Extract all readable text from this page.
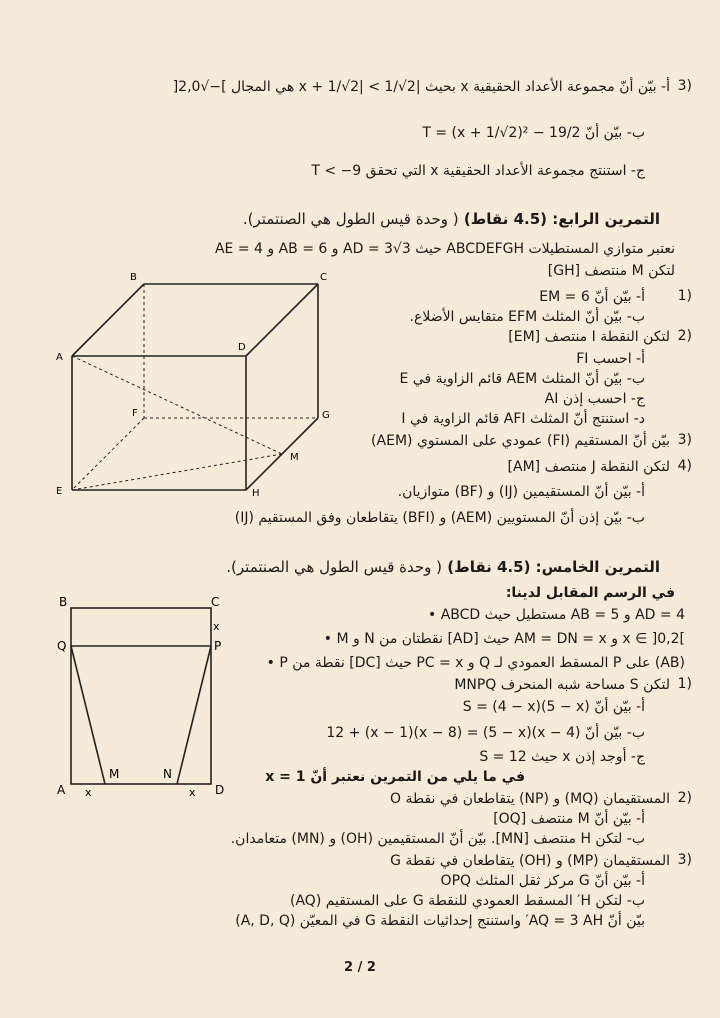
3)
أ- بيّن أنّ مجموعة الأعداد الحقيقية x بحيث |x + 1/√2| < 1/√2 هي المجال ]−√2,0[
ب- بيّن أنّ T = (x + 1/√2)² − 19/2
ج- استنتج مجموعة الأعداد الحقيقية x التي تحقق T < −9
التمرين الرابع: (4.5 نقاط) ( وحدة قيس الطول هي الصنتمتر).
نعتبر متوازي المستطيلات ABCDEFGH حيث AD = 3√3 و AB = 6 و AE = 4
لتكن M منتصف [GH]
1)
أ- بيّن أنّ EM = 6
ب- بيّن أنّ المثلث EFM متقايس الأضلاع.
2)
لتكن النقطة I منتصف [EM]
أ- احسب FI
ب- بيّن أنّ المثلث AEM قائم الزاوية في E
ج- احسب إذن AI
د- استنتج أنّ المثلث AFI قائم الزاوية في I
3)
بيّن أنّ المستقيم (FI) عمودي على المستوي (AEM)
4)
لتكن النقطة J منتصف [AM]
أ- بيّن أنّ المستقيمين (IJ) و (BF) متوازيان.
ب- بيّن إذن أنّ المستويين (AEM) و (BFI) يتقاطعان وفق المستقيم (IJ)
A
B	C
D
E
F	G
H
M
التمرين الخامس: (4.5 نقاط) ( وحدة قيس الطول هي الصنتمتر).
في الرسم المقابل لدينا:
• ABCD مستطيل حيث AB = 5 و AD = 4
• M و N نقطتان من [AD] حيث AM = DN = x و x ∈ ]0,2[
• P نقطة من [DC] حيث PC = x و Q المسقط العمودي لـ P على (AB)
1)
لتكن S مساحة شبه المنحرف MNPQ
أ- بيّن أنّ S = (4 − x)(5 − x)
ب- بيّن أنّ (4 − x)(5 − x) = 12 + (x − 1)(x − 8)
ج- أوجد إذن x حيث S = 12
في ما يلي من التمرين نعتبر أنّ x = 1
2)
المستقيمان (MQ) و (NP) يتقاطعان في نقطة O
أ- بيّن أنّ M منتصف [OQ]
ب- لتكن H منتصف [MN]. بيّن أنّ المستقيمين (OH) و (MN) متعامدان.
3)
المستقيمان (MP) و (OH) يتقاطعان في نقطة G
أ- بيّن أنّ G مركز ثقل المثلث OPQ
ب- لتكن H′ المسقط العمودي للنقطة G على المستقيم (AQ)
بيّن أنّ AQ = 3 AH′ واستنتج إحداثيات النقطة G في المعيّن (A, D, Q)
B	C
Q	P
x
A	D
M	N
x	x
2 / 2
